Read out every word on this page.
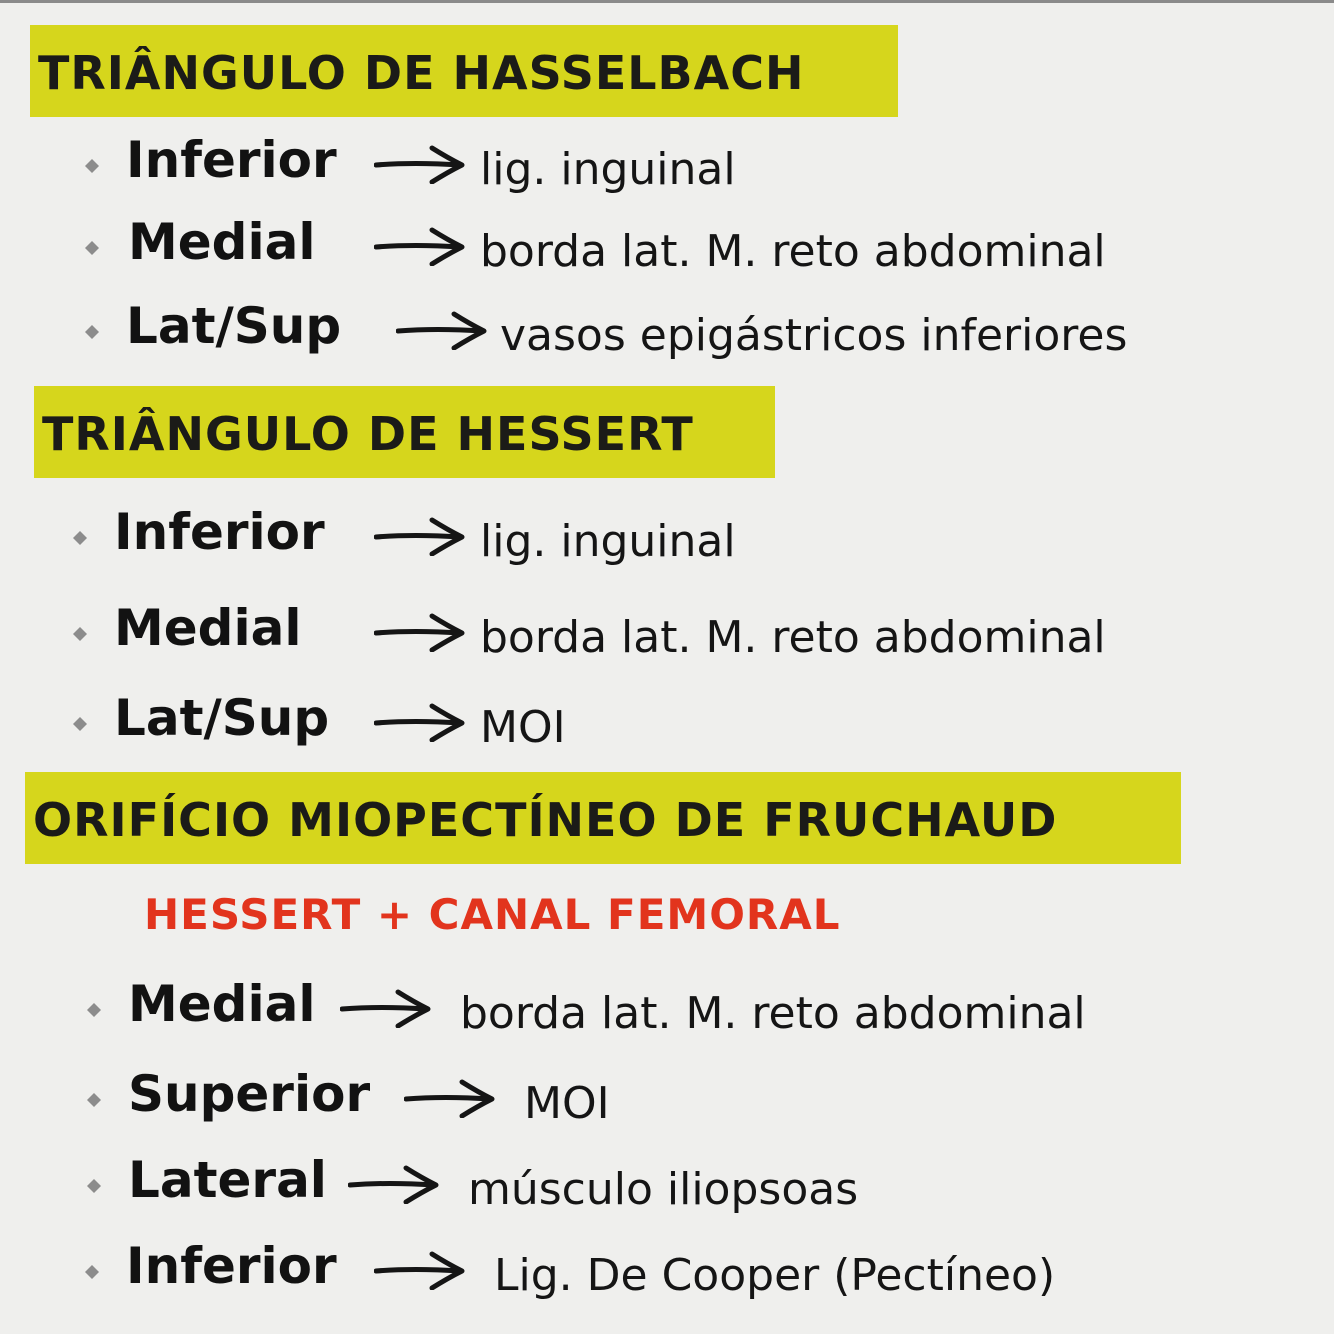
TRIÂNGULO DE HASSELBACH
Inferior	lig. inguinal
Medial	borda lat. M. reto abdominal
Lat/Sup	vasos epigástricos inferiores
TRIÂNGULO DE HESSERT
Inferior	lig. inguinal
Medial	borda lat. M. reto abdominal
Lat/Sup	MOI
ORIFÍCIO MIOPECTÍNEO DE FRUCHAUD
HESSERT + CANAL FEMORAL
Medial	borda lat. M. reto abdominal
Superior	MOI
Lateral	músculo iliopsoas
Inferior	Lig. De Cooper (Pectíneo)
